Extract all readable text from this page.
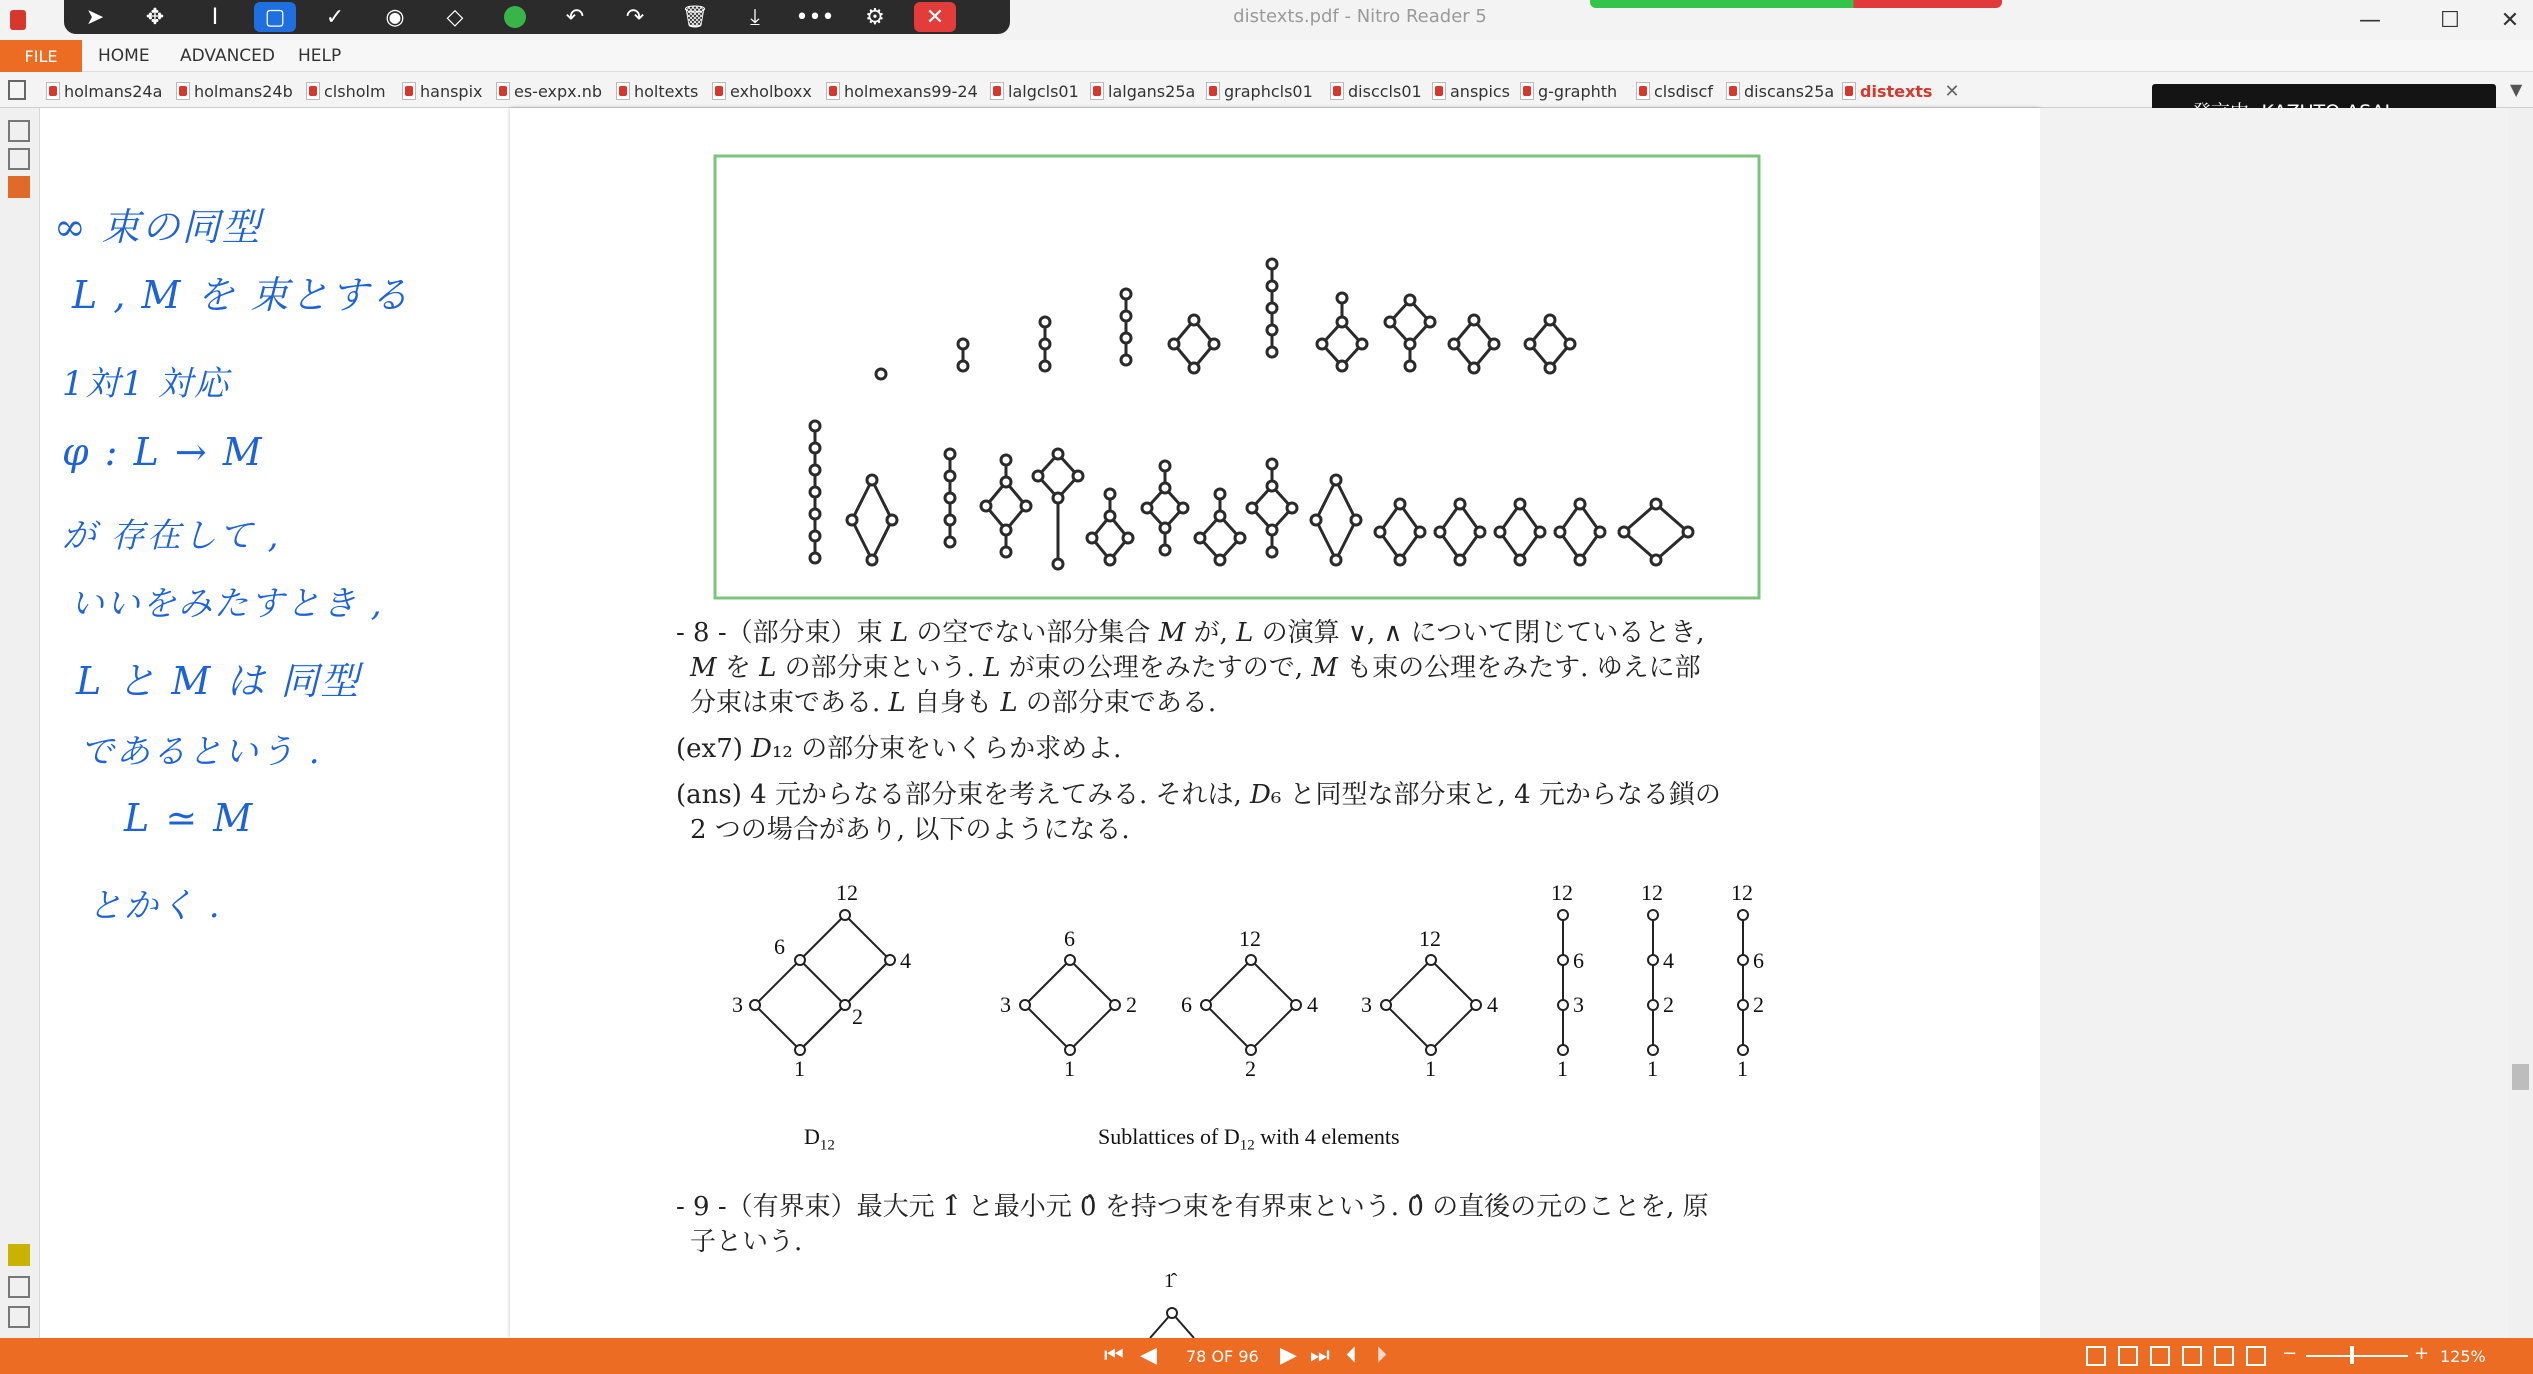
distexts.pdf - Nitro Reader 5	—	☐	✕
➤	✥	I	▢	✓	◉	◇	↶	↷	🗑	⤓	•••	⚙	✕
FILE	HOME ADVANCED HELP
holmans24a holmans24b clsholm hanspix es-expx.nb holtexts exholboxx holmexans99-24 lalgcls01 lalgans25a graphcls01 disccls01 anspics g-graphth clsdiscf discans25a distexts ✕	▼
∞ 束の同型
L , M を 束とする
1対1 対応
φ : L → M
が 存在して ,
いいをみたすとき ,
L と M は 同型
であるという .
L ≃ M
とかく .	12
6
4
3	2
1
6
3	2
1
12
6	4
2
12
3	4
1
12
6
3
1
12
4
2
1
12
6
2
1
- 8 -（部分束）束 𝐿 の空でない部分集合 𝑀 が, 𝐿 の演算 ∨, ∧ について閉じているとき,
𝑀 を 𝐿 の部分束という. 𝐿 が束の公理をみたすので, 𝑀 も束の公理をみたす. ゆえに部
分束は束である. 𝐿 自身も 𝐿 の部分束である.
(ex7) 𝐷₁₂ の部分束をいくらか求めよ.
(ans) 4 元からなる部分束を考えてみる. それは, 𝐷₆ と同型な部分束と, 4 元からなる鎖の
2 つの場合があり, 以下のようになる.
$D_{12}$	Sublattices of $D_{12}$ with 4 elements
- 9 -（有界束）最大元 1̂ と最小元 0̂ を持つ束を有界束という. 0̂ の直後の元のことを, 原
子という.
1̂
⏮ ◀ 78 OF 96 ▶ ⏭ ⏴ ⏵	−	+ 125%
